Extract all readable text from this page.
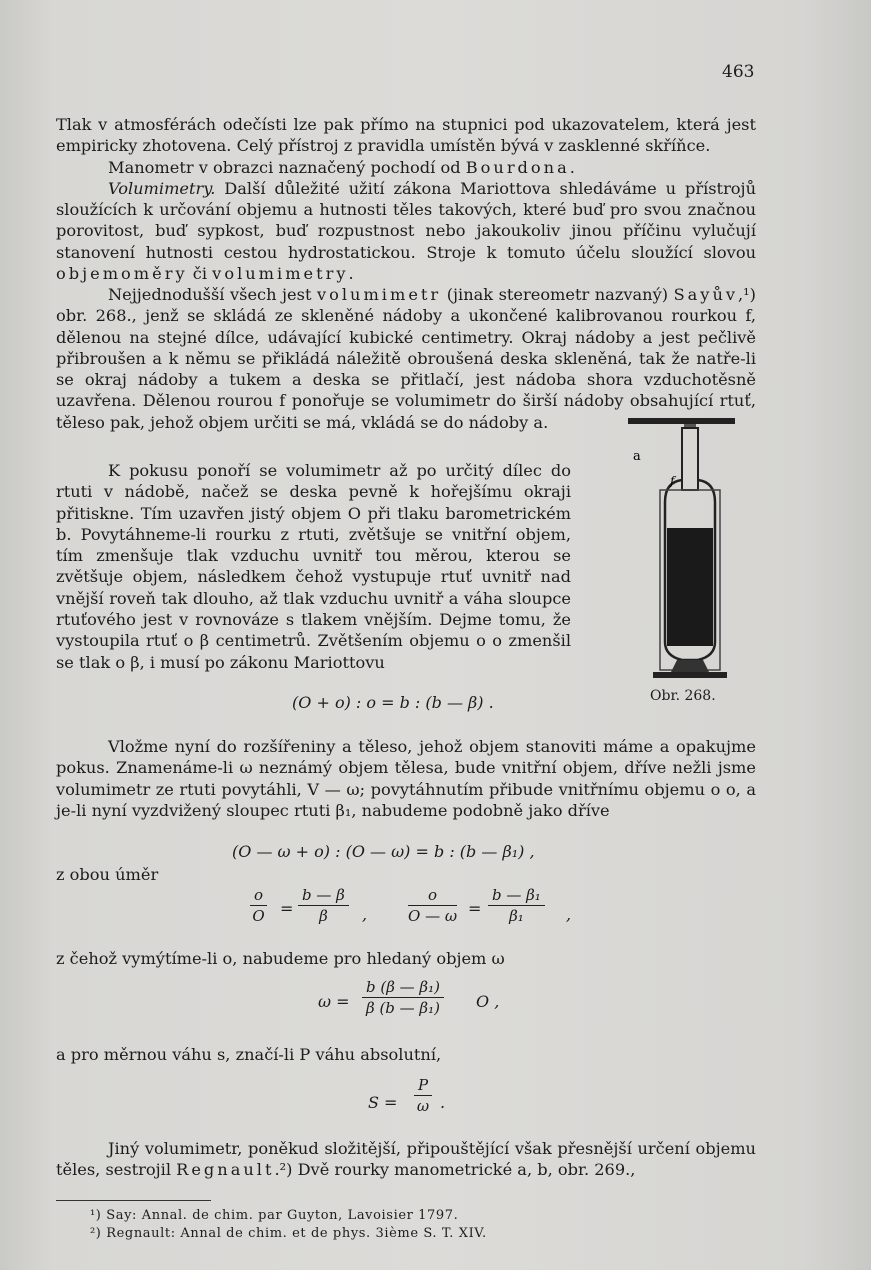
463

Tlak v atmosférách odečísti lze pak přímo na stupnici pod ukazovatelem, která jest empiricky zhotovena. Celý přístroj z pravidla umístěn bývá v zasklenné skříňce.

Manometr v obrazci naznačený pochodí od Bourdona.

Volumimetry. Další důležité užití zákona Mariottova shledáváme u přístrojů sloužících k určování objemu a hutnosti těles takových, které buď pro svou značnou porovitost, buď sypkost, buď rozpustnost nebo jakoukoliv jinou příčinu vylučují stanovení hutnosti cestou hydrostatickou. Stroje k tomuto účelu sloužící slovou objemoměry či volumimetry.

Nejjednodušší všech jest volumimetr (jinak stereometr nazvaný) Sayův,¹) obr. 268., jenž se skládá ze skleněné nádoby a ukončené kalibrovanou rourkou f, dělenou na stejné dílce, udávající kubické centimetry. Okraj nádoby a jest pečlivě přibroušen a k němu se přikládá náležitě obroušená deska skleněná, tak že natře-li se okraj nádoby a tukem a deska se přitlačí, jest nádoba shora vzduchotěsně uzavřena. Dělenou rourou f ponořuje se volumimetr do širší nádoby obsahující rtuť, těleso pak, jehož objem určiti se má, vkládá se do nádoby a.

K pokusu ponoří se volumimetr až po určitý dílec do rtuti v nádobě, načež se deska pevně k hořejšímu okraji přitiskne. Tím uzavřen jistý objem O při tlaku barometrickém b. Povytáhneme-li rourku z rtuti, zvětšuje se vnitřní objem, tím zmenšuje tlak vzduchu uvnitř tou měrou, kterou se zvětšuje objem, následkem čehož vystupuje rtuť uvnitř nad vnější roveň tak dlouho, až tlak vzduchu uvnitř a váha sloupce rtuťového jest v rovnováze s tlakem vnějším. Dejme tomu, že vystoupila rtuť o β centimetrů. Zvětšením objemu o o zmenšil se tlak o β, i musí po zákonu Mariottovu

(O + o) : o = b : (b — β) .
a
f
Obr. 268.

Vložme nyní do rozšířeniny a těleso, jehož objem stanoviti máme a opakujme pokus. Znamenáme-li ω neznámý objem tělesa, bude vnitřní objem, dříve nežli jsme volumimetr ze rtuti povytáhli, V — ω; povytáhnutím přibude vnitřnímu objemu o o, a je-li nyní vyzdvižený sloupec rtuti β₁, nabudeme podobně jako dříve

(O — ω + o) : (O — ω) = b : (b — β₁) ,
z obou úměr
$\frac{o}{O} = \frac{b — \beta}{\beta}$ ,	$\frac{o}{O — \omega} = \frac{\text{b — β₁}}{\text{β₁}}$ ,
z čehož vymýtíme-li o, nabudeme pro hledaný objem ω
$\omega = \frac{\text{b (β — β₁)}}{\text{β (b — β₁)}}$ O ,
a pro měrnou váhu s, značí-li P váhu absolutní,
$S = \frac{P}{\omega}$ .

Jiný volumimetr, poněkud složitější, připouštějící však přesnější určení objemu těles, sestrojil Regnault.²) Dvě rourky manometrické a, b, obr. 269.,

¹) Say: Annal. de chim. par Guyton, Lavoisier 1797.
²) Regnault: Annal de chim. et de phys. 3ième S. T. XIV.
